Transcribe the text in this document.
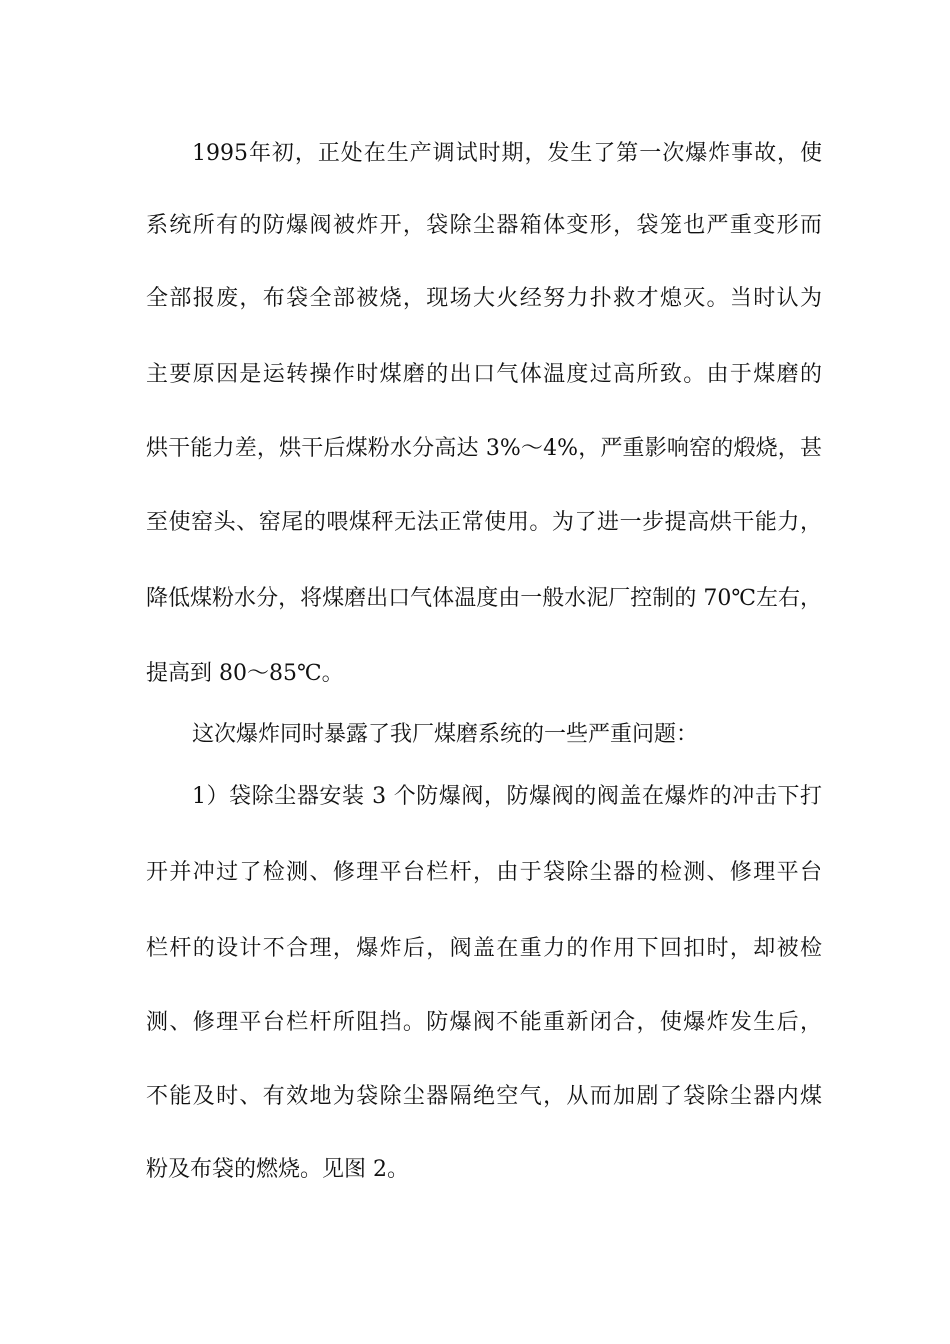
1995年初，正处在生产调试时期，发生了第一次爆炸事故，使
系统所有的防爆阀被炸开，袋除尘器箱体变形，袋笼也严重变形而
全部报废，布袋全部被烧，现场大火经努力扑救才熄灭。当时认为
主要原因是运转操作时煤磨的出口气体温度过高所致。由于煤磨的
烘干能力差，烘干后煤粉水分高达 3%～4%，严重影响窑的煅烧，甚
至使窑头、窑尾的喂煤秤无法正常使用。为了进一步提高烘干能力，
降低煤粉水分，将煤磨出口气体温度由一般水泥厂控制的 70℃左右，
提高到 80～85℃。
这次爆炸同时暴露了我厂煤磨系统的一些严重问题：
1）袋除尘器安装 3 个防爆阀，防爆阀的阀盖在爆炸的冲击下打
开并冲过了检测、修理平台栏杆，由于袋除尘器的检测、修理平台
栏杆的设计不合理，爆炸后，阀盖在重力的作用下回扣时，却被检
测、修理平台栏杆所阻挡。防爆阀不能重新闭合，使爆炸发生后，
不能及时、有效地为袋除尘器隔绝空气，从而加剧了袋除尘器内煤
粉及布袋的燃烧。见图 2。
